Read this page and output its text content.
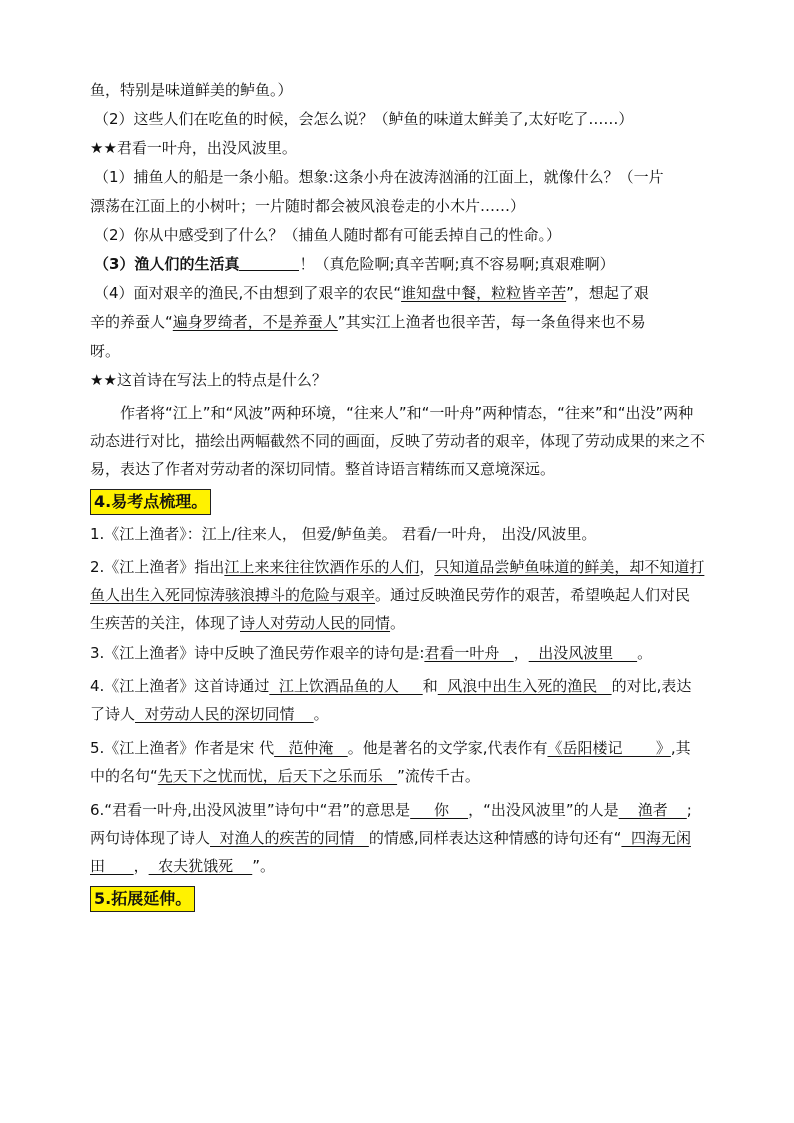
鱼，特别是味道鲜美的鲈鱼。）

（2）这些人们在吃鱼的时候，会怎么说？（鲈鱼的味道太鲜美了,太好吃了……）

★★君看一叶舟，出没风波里。

（1）捕鱼人的船是一条小船。想象:这条小舟在波涛汹涌的江面上，就像什么？（一片

漂荡在江面上的小树叶；一片随时都会被风浪卷走的小木片……）

（2）你从中感受到了什么？（捕鱼人随时都有可能丢掉自己的性命。）

（3）渔人们的生活真	！（真危险啊;真辛苦啊;真不容易啊;真艰难啊）

（4）面对艰辛的渔民,不由想到了艰辛的农民“谁知盘中餐，粒粒皆辛苦”，想起了艰

辛的养蚕人“遍身罗绮者，不是养蚕人”其实江上渔者也很辛苦，每一条鱼得来也不易

呀。

★★这首诗在写法上的特点是什么？

作者将“江上”和“风波”两种环境，“往来人”和“一叶舟”两种情态，“往来”和“出没”两种动态进行对比，描绘出两幅截然不同的画面，反映了劳动者的艰辛，体现了劳动成果的来之不易，表达了作者对劳动者的深切同情。整首诗语言精练而又意境深远。

4.易考点梳理。

1.《江上渔者》：江上/往来人， 但爱/鲈鱼美。 君看/一叶舟， 出没/风波里。

2.《江上渔者》指出江上来来往往饮酒作乐的人们，只知道品尝鲈鱼味道的鲜美，却不知道打鱼人出生入死同惊涛骇浪搏斗的危险与艰辛。通过反映渔民劳作的艰苦，希望唤起人们对民生疾苦的关注，体现了诗人对劳动人民的同情。

3.《江上渔者》诗中反映了渔民劳作艰辛的诗句是:君看一叶舟   ，  出没风波里     。

4.《江上渔者》这首诗通过  江上饮酒品鱼的人     和  风浪中出生入死的渔民   的对比,表达了诗人  对劳动人民的深切同情    。

5.《江上渔者》作者是宋 代   范仲淹   。他是著名的文学家,代表作有《岳阳楼记       》,其中的名句“先天下之忧而忧，后天下之乐而乐   ”流传千古。

6.“君看一叶舟,出没风波里”诗句中“君”的意思是     你    ，“出没风波里”的人是    渔者    ;两句诗体现了诗人  对渔人的疾苦的同情   的情感,同样表达这种情感的诗句还有“  四海无闲田      ，  农夫犹饿死    ”。

5.拓展延伸。
